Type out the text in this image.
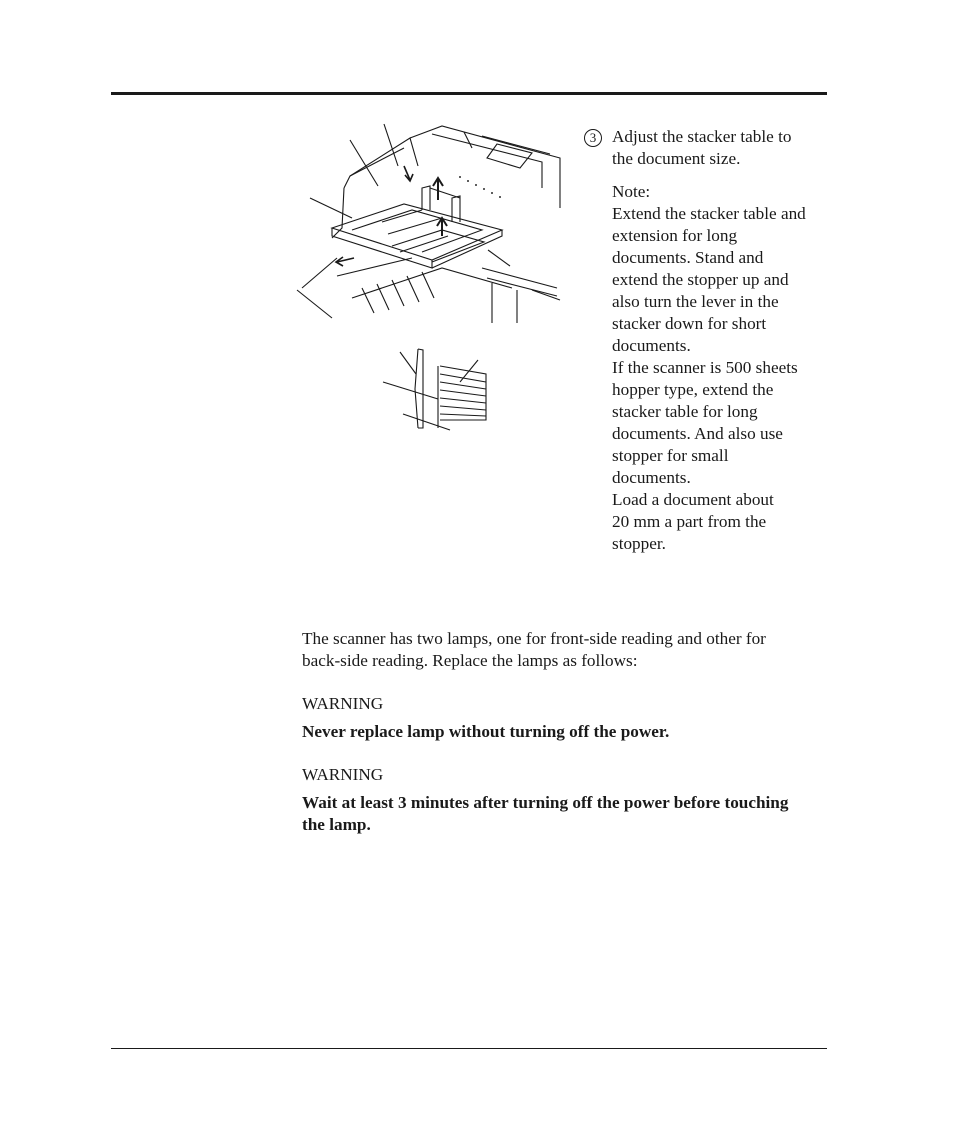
3 Adjust the stacker table to
the document size.
Note:
Extend the stacker table and
extension for long
documents. Stand and
extend the stopper up and
also turn the lever in the
stacker down for short
documents.
If the scanner is 500 sheets
hopper type, extend the
stacker table for long
documents. And also use
stopper for small
documents.
Load a document about
20 mm a part from the
stopper.
The scanner has two lamps, one for front-side reading and other for
back-side reading. Replace the lamps as follows:
WARNING
Never replace lamp without turning off the power.
WARNING
Wait at least 3 minutes after turning off the power before touching
the lamp.
